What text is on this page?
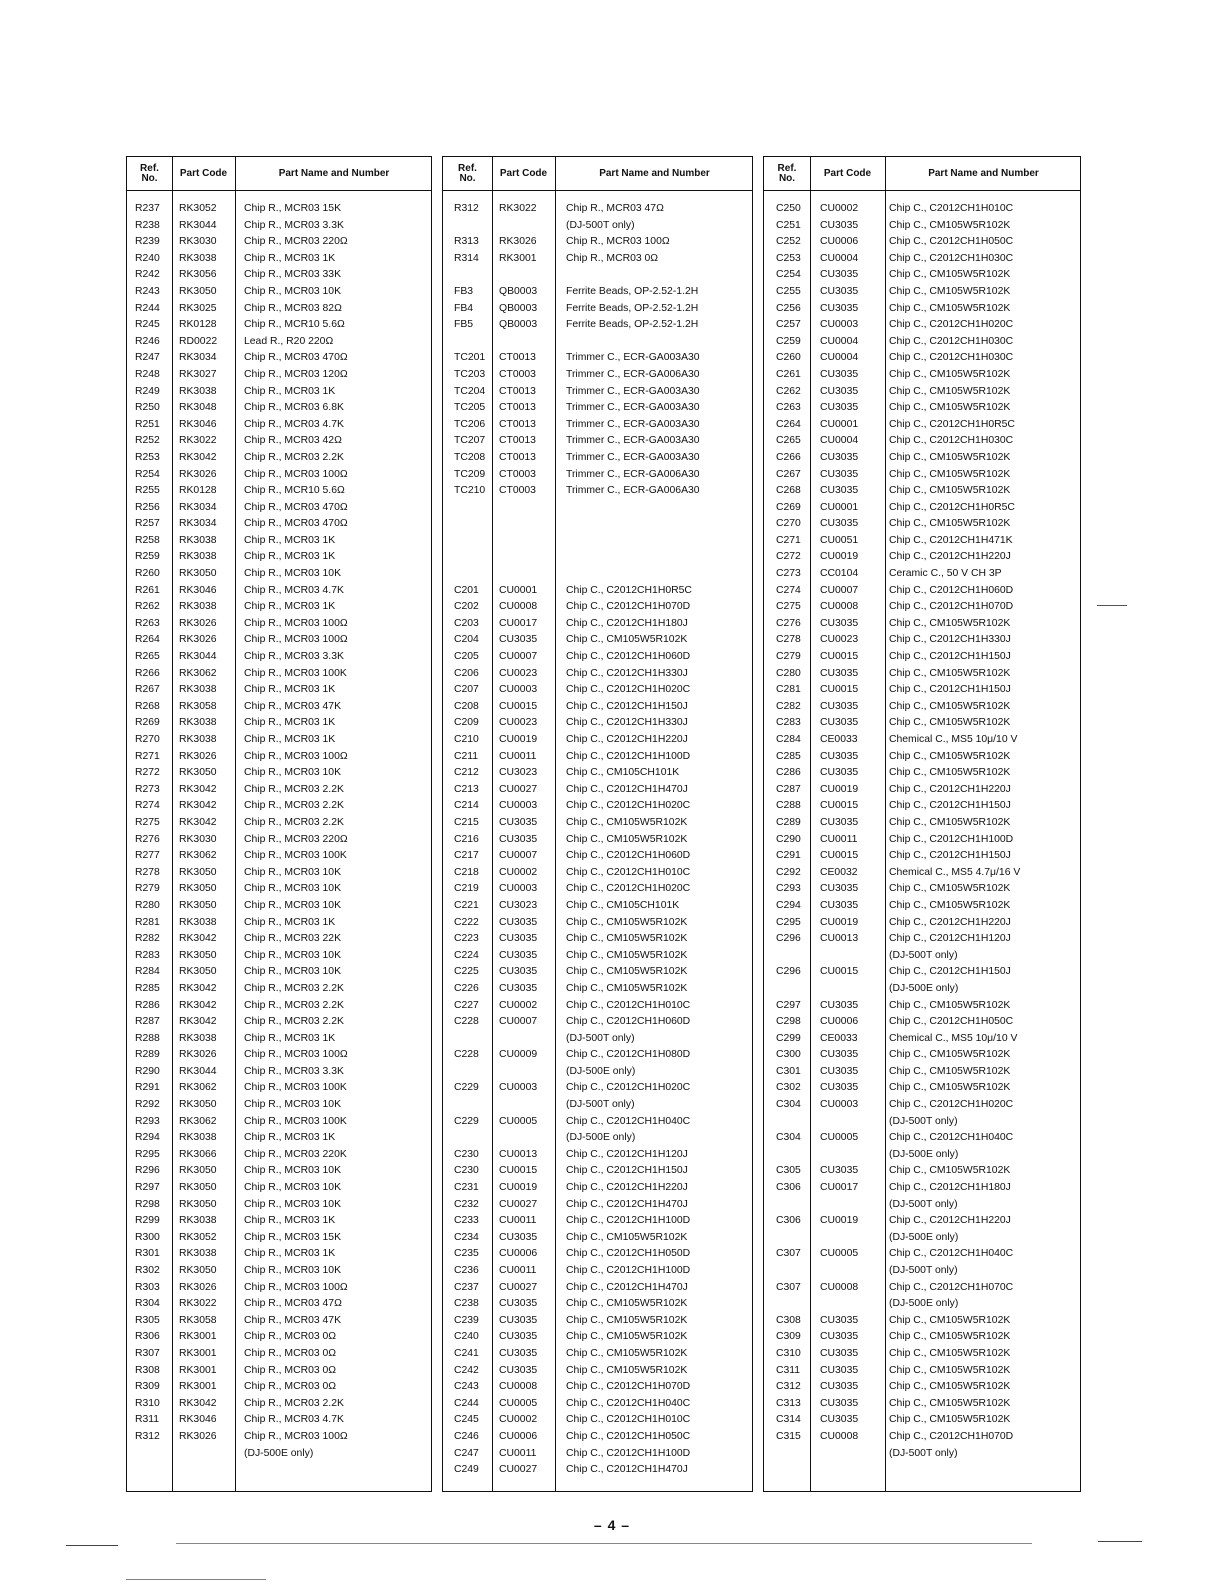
Ref.
No.	Part Code	Part Name and Number
R237 RK3052	Chip R., MCR03 15K
R238 RK3044	Chip R., MCR03 3.3K
R239 RK3030	Chip R., MCR03 220Ω
R240 RK3038	Chip R., MCR03 1K
R242 RK3056	Chip R., MCR03 33K
R243 RK3050	Chip R., MCR03 10K
R244 RK3025	Chip R., MCR03 82Ω
R245 RK0128	Chip R., MCR10 5.6Ω
R246 RD0022	Lead R., R20 220Ω
R247 RK3034	Chip R., MCR03 470Ω
R248 RK3027	Chip R., MCR03 120Ω
R249 RK3038	Chip R., MCR03 1K
R250 RK3048	Chip R., MCR03 6.8K
R251 RK3046	Chip R., MCR03 4.7K
R252 RK3022	Chip R., MCR03 42Ω
R253 RK3042	Chip R., MCR03 2.2K
R254 RK3026	Chip R., MCR03 100Ω
R255 RK0128	Chip R., MCR10 5.6Ω
R256 RK3034	Chip R., MCR03 470Ω
R257 RK3034	Chip R., MCR03 470Ω
R258 RK3038	Chip R., MCR03 1K
R259 RK3038	Chip R., MCR03 1K
R260 RK3050	Chip R., MCR03 10K
R261 RK3046	Chip R., MCR03 4.7K
R262 RK3038	Chip R., MCR03 1K
R263 RK3026	Chip R., MCR03 100Ω
R264 RK3026	Chip R., MCR03 100Ω
R265 RK3044	Chip R., MCR03 3.3K
R266 RK3062	Chip R., MCR03 100K
R267 RK3038	Chip R., MCR03 1K
R268 RK3058	Chip R., MCR03 47K
R269 RK3038	Chip R., MCR03 1K
R270 RK3038	Chip R., MCR03 1K
R271 RK3026	Chip R., MCR03 100Ω
R272 RK3050	Chip R., MCR03 10K
R273 RK3042	Chip R., MCR03 2.2K
R274 RK3042	Chip R., MCR03 2.2K
R275 RK3042	Chip R., MCR03 2.2K
R276 RK3030	Chip R., MCR03 220Ω
R277 RK3062	Chip R., MCR03 100K
R278 RK3050	Chip R., MCR03 10K
R279 RK3050	Chip R., MCR03 10K
R280 RK3050	Chip R., MCR03 10K
R281 RK3038	Chip R., MCR03 1K
R282 RK3042	Chip R., MCR03 22K
R283 RK3050	Chip R., MCR03 10K
R284 RK3050	Chip R., MCR03 10K
R285 RK3042	Chip R., MCR03 2.2K
R286 RK3042	Chip R., MCR03 2.2K
R287 RK3042	Chip R., MCR03 2.2K
R288 RK3038	Chip R., MCR03 1K
R289 RK3026	Chip R., MCR03 100Ω
R290 RK3044	Chip R., MCR03 3.3K
R291 RK3062	Chip R., MCR03 100K
R292 RK3050	Chip R., MCR03 10K
R293 RK3062	Chip R., MCR03 100K
R294 RK3038	Chip R., MCR03 1K
R295 RK3066	Chip R., MCR03 220K
R296 RK3050	Chip R., MCR03 10K
R297 RK3050	Chip R., MCR03 10K
R298 RK3050	Chip R., MCR03 10K
R299 RK3038	Chip R., MCR03 1K
R300 RK3052	Chip R., MCR03 15K
R301 RK3038	Chip R., MCR03 1K
R302 RK3050	Chip R., MCR03 10K
R303 RK3026	Chip R., MCR03 100Ω
R304 RK3022	Chip R., MCR03 47Ω
R305 RK3058	Chip R., MCR03 47K
R306 RK3001	Chip R., MCR03 0Ω
R307 RK3001	Chip R., MCR03 0Ω
R308 RK3001	Chip R., MCR03 0Ω
R309 RK3001	Chip R., MCR03 0Ω
R310 RK3042	Chip R., MCR03 2.2K
R311 RK3046	Chip R., MCR03 4.7K
R312 RK3026	Chip R., MCR03 100Ω
(DJ-500E only)
Ref.
No.	Part Code	Part Name and Number
R312 RK3022	Chip R., MCR03 47Ω
(DJ-500T only)
R313 RK3026	Chip R., MCR03 100Ω
R314 RK3001	Chip R., MCR03 0Ω
FB3 QB0003	Ferrite Beads, OP-2.52-1.2H
FB4 QB0003	Ferrite Beads, OP-2.52-1.2H
FB5 QB0003	Ferrite Beads, OP-2.52-1.2H
TC201 CT0013	Trimmer C., ECR-GA003A30
TC203 CT0003	Trimmer C., ECR-GA006A30
TC204 CT0013	Trimmer C., ECR-GA003A30
TC205 CT0013	Trimmer C., ECR-GA003A30
TC206 CT0013	Trimmer C., ECR-GA003A30
TC207 CT0013	Trimmer C., ECR-GA003A30
TC208 CT0013	Trimmer C., ECR-GA003A30
TC209 CT0003	Trimmer C., ECR-GA006A30
TC210 CT0003	Trimmer C., ECR-GA006A30
C201 CU0001	Chip C., C2012CH1H0R5C
C202 CU0008	Chip C., C2012CH1H070D
C203 CU0017	Chip C., C2012CH1H180J
C204 CU3035	Chip C., CM105W5R102K
C205 CU0007	Chip C., C2012CH1H060D
C206 CU0023	Chip C., C2012CH1H330J
C207 CU0003	Chip C., C2012CH1H020C
C208 CU0015	Chip C., C2012CH1H150J
C209 CU0023	Chip C., C2012CH1H330J
C210 CU0019	Chip C., C2012CH1H220J
C211 CU0011	Chip C., C2012CH1H100D
C212 CU3023	Chip C., CM105CH101K
C213 CU0027	Chip C., C2012CH1H470J
C214 CU0003	Chip C., C2012CH1H020C
C215 CU3035	Chip C., CM105W5R102K
C216 CU3035	Chip C., CM105W5R102K
C217 CU0007	Chip C., C2012CH1H060D
C218 CU0002	Chip C., C2012CH1H010C
C219 CU0003	Chip C., C2012CH1H020C
C221 CU3023	Chip C., CM105CH101K
C222 CU3035	Chip C., CM105W5R102K
C223 CU3035	Chip C., CM105W5R102K
C224 CU3035	Chip C., CM105W5R102K
C225 CU3035	Chip C., CM105W5R102K
C226 CU3035	Chip C., CM105W5R102K
C227 CU0002	Chip C., C2012CH1H010C
C228 CU0007	Chip C., C2012CH1H060D
(DJ-500T only)
C228 CU0009	Chip C., C2012CH1H080D
(DJ-500E only)
C229 CU0003	Chip C., C2012CH1H020C
(DJ-500T only)
C229 CU0005	Chip C., C2012CH1H040C
(DJ-500E only)
C230 CU0013	Chip C., C2012CH1H120J
C230 CU0015	Chip C., C2012CH1H150J
C231 CU0019	Chip C., C2012CH1H220J
C232 CU0027	Chip C., C2012CH1H470J
C233 CU0011	Chip C., C2012CH1H100D
C234 CU3035	Chip C., CM105W5R102K
C235 CU0006	Chip C., C2012CH1H050D
C236 CU0011	Chip C., C2012CH1H100D
C237 CU0027	Chip C., C2012CH1H470J
C238 CU3035	Chip C., CM105W5R102K
C239 CU3035	Chip C., CM105W5R102K
C240 CU3035	Chip C., CM105W5R102K
C241 CU3035	Chip C., CM105W5R102K
C242 CU3035	Chip C., CM105W5R102K
C243 CU0008	Chip C., C2012CH1H070D
C244 CU0005	Chip C., C2012CH1H040C
C245 CU0002	Chip C., C2012CH1H010C
C246 CU0006	Chip C., C2012CH1H050C
C247 CU0011	Chip C., C2012CH1H100D
C249 CU0027	Chip C., C2012CH1H470J
Ref.
No.	Part Code	Part Name and Number
C250 CU0002	Chip C., C2012CH1H010C
C251 CU3035	Chip C., CM105W5R102K
C252 CU0006	Chip C., C2012CH1H050C
C253 CU0004	Chip C., C2012CH1H030C
C254 CU3035	Chip C., CM105W5R102K
C255 CU3035	Chip C., CM105W5R102K
C256 CU3035	Chip C., CM105W5R102K
C257 CU0003	Chip C., C2012CH1H020C
C259 CU0004	Chip C., C2012CH1H030C
C260 CU0004	Chip C., C2012CH1H030C
C261 CU3035	Chip C., CM105W5R102K
C262 CU3035	Chip C., CM105W5R102K
C263 CU3035	Chip C., CM105W5R102K
C264 CU0001	Chip C., C2012CH1H0R5C
C265 CU0004	Chip C., C2012CH1H030C
C266 CU3035	Chip C., CM105W5R102K
C267 CU3035	Chip C., CM105W5R102K
C268 CU3035	Chip C., CM105W5R102K
C269 CU0001	Chip C., C2012CH1H0R5C
C270 CU3035	Chip C., CM105W5R102K
C271 CU0051	Chip C., C2012CH1H471K
C272 CU0019	Chip C., C2012CH1H220J
C273 CC0104	Ceramic C., 50 V CH 3P
C274 CU0007	Chip C., C2012CH1H060D
C275 CU0008	Chip C., C2012CH1H070D
C276 CU3035	Chip C., CM105W5R102K
C278 CU0023	Chip C., C2012CH1H330J
C279 CU0015	Chip C., C2012CH1H150J
C280 CU3035	Chip C., CM105W5R102K
C281 CU0015	Chip C., C2012CH1H150J
C282 CU3035	Chip C., CM105W5R102K
C283 CU3035	Chip C., CM105W5R102K
C284 CE0033	Chemical C., MS5 10μ/10 V
C285 CU3035	Chip C., CM105W5R102K
C286 CU3035	Chip C., CM105W5R102K
C287 CU0019	Chip C., C2012CH1H220J
C288 CU0015	Chip C., C2012CH1H150J
C289 CU3035	Chip C., CM105W5R102K
C290 CU0011	Chip C., C2012CH1H100D
C291 CU0015	Chip C., C2012CH1H150J
C292 CE0032	Chemical C., MS5 4.7μ/16 V
C293 CU3035	Chip C., CM105W5R102K
C294 CU3035	Chip C., CM105W5R102K
C295 CU0019	Chip C., C2012CH1H220J
C296 CU0013	Chip C., C2012CH1H120J
(DJ-500T only)
C296 CU0015	Chip C., C2012CH1H150J
(DJ-500E only)
C297 CU3035	Chip C., CM105W5R102K
C298 CU0006	Chip C., C2012CH1H050C
C299 CE0033	Chemical C., MS5 10μ/10 V
C300 CU3035	Chip C., CM105W5R102K
C301 CU3035	Chip C., CM105W5R102K
C302 CU3035	Chip C., CM105W5R102K
C304 CU0003	Chip C., C2012CH1H020C
(DJ-500T only)
C304 CU0005	Chip C., C2012CH1H040C
(DJ-500E only)
C305 CU3035	Chip C., CM105W5R102K
C306 CU0017	Chip C., C2012CH1H180J
(DJ-500T only)
C306 CU0019	Chip C., C2012CH1H220J
(DJ-500E only)
C307 CU0005	Chip C., C2012CH1H040C
(DJ-500T only)
C307 CU0008	Chip C., C2012CH1H070C
(DJ-500E only)
C308 CU3035	Chip C., CM105W5R102K
C309 CU3035	Chip C., CM105W5R102K
C310 CU3035	Chip C., CM105W5R102K
C311 CU3035	Chip C., CM105W5R102K
C312 CU3035	Chip C., CM105W5R102K
C313 CU3035	Chip C., CM105W5R102K
C314 CU3035	Chip C., CM105W5R102K
C315 CU0008	Chip C., C2012CH1H070D
(DJ-500T only)
– 4 –
